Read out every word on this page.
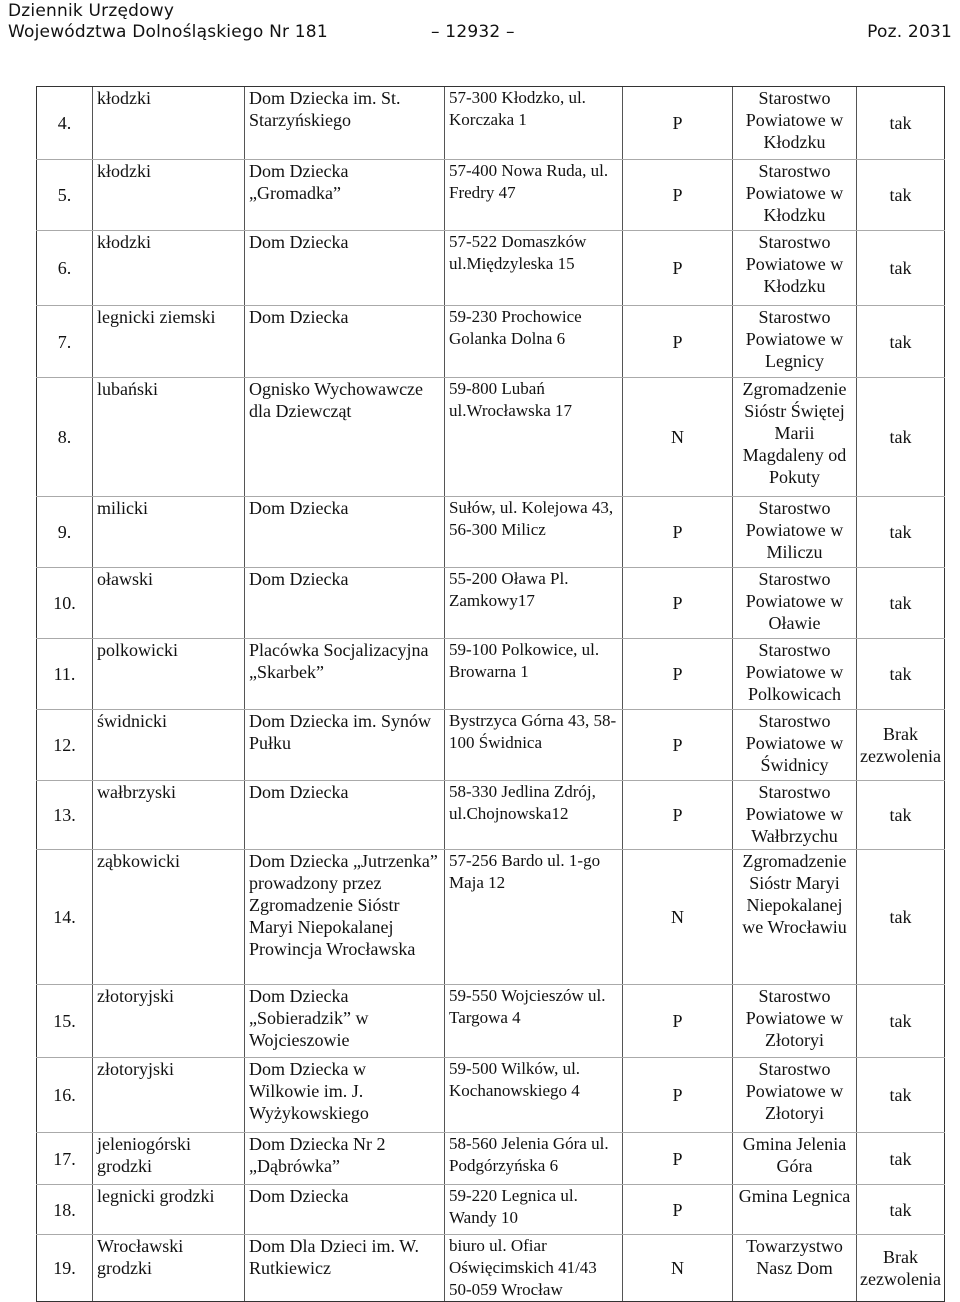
Dziennik Urzędowy
Województwa Dolnośląskiego Nr 181	– 12932 –	Poz. 2031
4.	kłodzki	Dom Dziecka im. St. Starzyńskiego	57-300 Kłodzko, ul. Korczaka 1	P	Starostwo Powiatowe w Kłodzku	tak
5.	kłodzki	Dom Dziecka „Gromadka”	57-400 Nowa Ruda, ul. Fredry 47	P	Starostwo Powiatowe w Kłodzku	tak
6.	kłodzki	Dom Dziecka	57-522 Domaszków ul.Międzyleska 15	P	Starostwo Powiatowe w Kłodzku	tak
7.	legnicki ziemski	Dom Dziecka	59-230 Prochowice Golanka Dolna 6	P	Starostwo Powiatowe w Legnicy	tak
8.	lubański	Ognisko Wychowawcze dla Dziewcząt	59-800 Lubań ul.Wrocławska 17	N	Zgromadzenie Sióstr Świętej Marii Magdaleny od Pokuty	tak
9.	milicki	Dom Dziecka	Sułów, ul. Kolejowa 43, 56-300 Milicz	P	Starostwo Powiatowe w Miliczu	tak
10.	oławski	Dom Dziecka	55-200 Oława Pl. Zamkowy17	P	Starostwo Powiatowe w Oławie	tak
11.	polkowicki	Placówka Socjalizacyjna „Skarbek”	59-100 Polkowice, ul. Browarna 1	P	Starostwo Powiatowe w Polkowicach	tak
12.	świdnicki	Dom Dziecka im. Synów Pułku	Bystrzyca Górna 43, 58-100 Świdnica	P	Starostwo Powiatowe w Świdnicy	Brak zezwolenia
13.	wałbrzyski	Dom Dziecka	58-330 Jedlina Zdrój, ul.Chojnowska12	P	Starostwo Powiatowe w Wałbrzychu	tak
14.	ząbkowicki	Dom Dziecka „Jutrzenka” prowadzony przez Zgromadzenie Sióstr Maryi Niepokalanej Prowincja Wrocławska	57-256 Bardo ul. 1-go Maja 12	N	Zgromadzenie Sióstr Maryi Niepokalanej we Wrocławiu	tak
15.	złotoryjski	Dom Dziecka „Sobieradzik” w Wojcieszowie	59-550 Wojcieszów ul. Targowa 4	P	Starostwo Powiatowe w Złotoryi	tak
16.	złotoryjski	Dom Dziecka w Wilkowie im. J. Wyżykowskiego	59-500 Wilków, ul. Kochanowskiego 4	P	Starostwo Powiatowe w Złotoryi	tak
17.	jeleniogórski grodzki	Dom Dziecka Nr 2 „Dąbrówka”	58-560 Jelenia Góra ul. Podgórzyńska 6	P	Gmina Jelenia Góra	tak
18.	legnicki grodzki	Dom Dziecka	59-220 Legnica ul. Wandy 10	P	Gmina Legnica	tak
19.	Wrocławski grodzki	Dom Dla Dzieci im. W. Rutkiewicz	biuro ul. Ofiar Oświęcimskich 41/43 50-059 Wrocław	N	Towarzystwo Nasz Dom	Brak zezwolenia
